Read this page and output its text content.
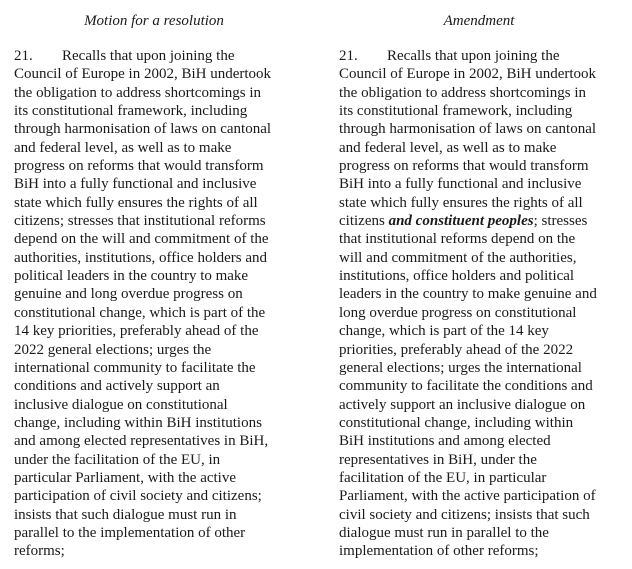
Motion for a resolution
21. Recalls that upon joining the
Council of Europe in 2002, BiH undertook
the obligation to address shortcomings in
its constitutional framework, including
through harmonisation of laws on cantonal
and federal level, as well as to make
progress on reforms that would transform
BiH into a fully functional and inclusive
state which fully ensures the rights of all
citizens; stresses that institutional reforms
depend on the will and commitment of the
authorities, institutions, office holders and
political leaders in the country to make
genuine and long overdue progress on
constitutional change, which is part of the
14 key priorities, preferably ahead of the
2022 general elections; urges the
international community to facilitate the
conditions and actively support an
inclusive dialogue on constitutional
change, including within BiH institutions
and among elected representatives in BiH,
under the facilitation of the EU, in
particular Parliament, with the active
participation of civil society and citizens;
insists that such dialogue must run in
parallel to the implementation of other
reforms;
Amendment
21. Recalls that upon joining the
Council of Europe in 2002, BiH undertook
the obligation to address shortcomings in
its constitutional framework, including
through harmonisation of laws on cantonal
and federal level, as well as to make
progress on reforms that would transform
BiH into a fully functional and inclusive
state which fully ensures the rights of all
citizens and constituent peoples; stresses
that institutional reforms depend on the
will and commitment of the authorities,
institutions, office holders and political
leaders in the country to make genuine and
long overdue progress on constitutional
change, which is part of the 14 key
priorities, preferably ahead of the 2022
general elections; urges the international
community to facilitate the conditions and
actively support an inclusive dialogue on
constitutional change, including within
BiH institutions and among elected
representatives in BiH, under the
facilitation of the EU, in particular
Parliament, with the active participation of
civil society and citizens; insists that such
dialogue must run in parallel to the
implementation of other reforms;
